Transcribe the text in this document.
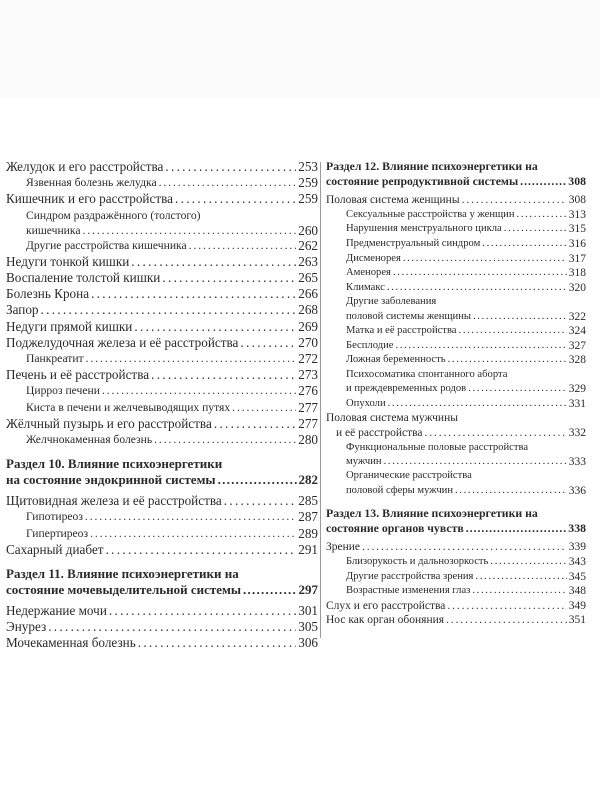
Желудок и его расстройства . . .	253
Язвенная болезнь желудка . . .	259
Кишечник и его расстройства . . .	259
Синдром раздражённого (толстого)
кишечника . . .	260
Другие расстройства кишечника . . .	262
Недуги тонкой кишки . . .	263
Воспаление толстой кишки . . .	265
Болезнь Крона . . .	266
Запор . . .	268
Недуги прямой кишки . . .	269
Поджелудочная железа и её расстройства . . .	270
Панкреатит . . .	272
Печень и её расстройства . . .	273
Цирроз печени . . .	276
Киста в печени и желчевыводящих путях . . .	277
Жёлчный пузырь и его расстройства . . .	277
Желчнокаменная болезнь . . .	280
Раздел 10. Влияние психоэнергетики
на состояние эндокринной системы . . .	282
Щитовидная железа и её расстройства . . .	285
Гипотиреоз . . .	287
Гипертиреоз . . .	289
Сахарный диабет . . .	291
Раздел 11. Влияние психоэнергетики на
состояние мочевыделительной системы . . .	297
Недержание мочи . . .	301
Энурез . . .	305
Мочекаменная болезнь . . .	306
Раздел 12. Влияние психоэнергетики на
состояние репродуктивной системы . . .	308
Половая система женщины . . .	308
Сексуальные расстройства у женщин . . .	313
Нарушения менструального цикла . . .	315
Предменструальный синдром . . .	316
Дисменорея . . .	317
Аменорея . . .	318
Климакс . . .	320
Другие заболевания
половой системы женщины . . .	322
Матка и её расстройства . . .	324
Бесплодие . . .	327
Ложная беременность . . .	328
Психосоматика спонтанного аборта
и преждевременных родов . . .	329
Опухоли . . .	331
Половая система мужчины
и её расстройства . . .	332
Функциональные половые расстройства
мужчин . . .	333
Органические расстройства
половой сферы мужчин . . .	336
Раздел 13. Влияние психоэнергетики на
состояние органов чувств . . .	338
Зрение . . .	339
Близорукость и дальнозоркость . . .	343
Другие расстройства зрения . . .	345
Возрастные изменения глаз . . .	348
Слух и его расстройства . . .	349
Нос как орган обоняния . . .	351
